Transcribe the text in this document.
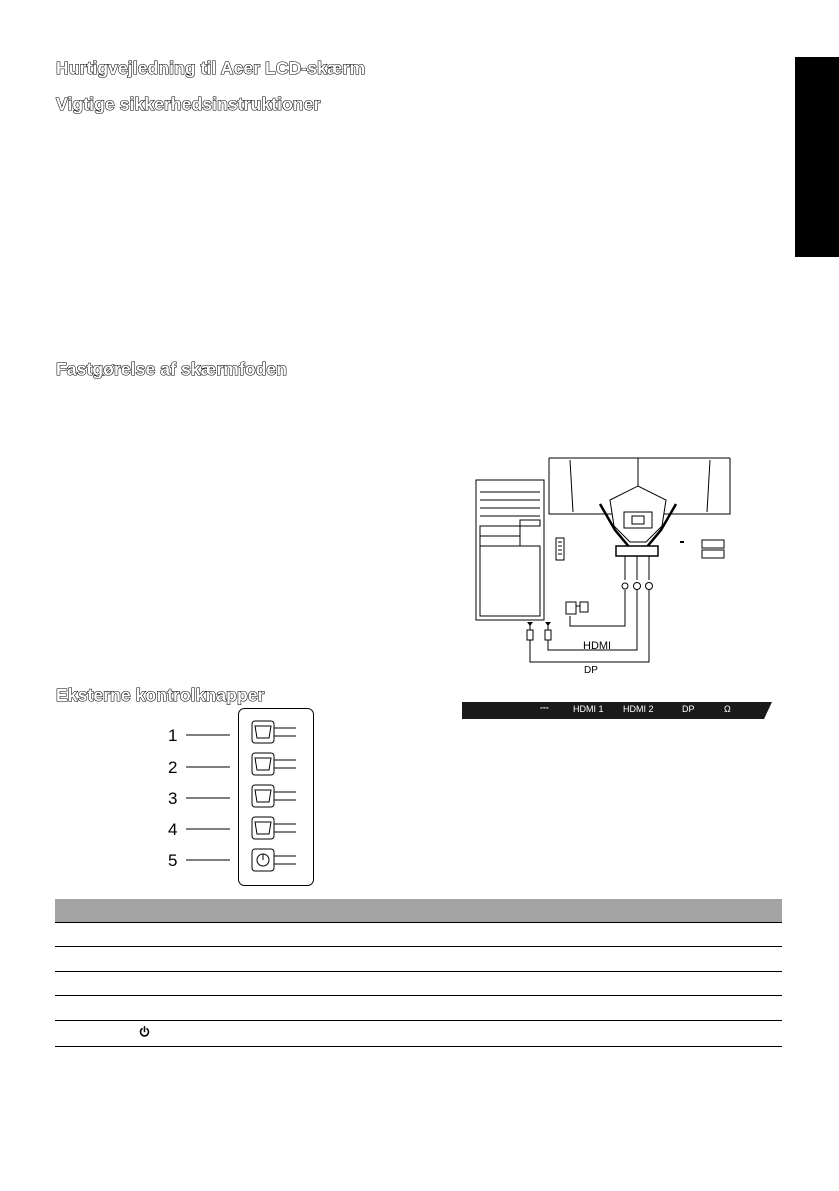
Hurtigvejledning til Acer LCD-skærm
Vigtige sikkerhedsinstruktioner
Fastgørelse af skærmfoden
Eksterne kontrolknapper
HDMI
DP
⎓	HDMI 1 HDMI 2	DP	Ω
1
2
3
4
5
